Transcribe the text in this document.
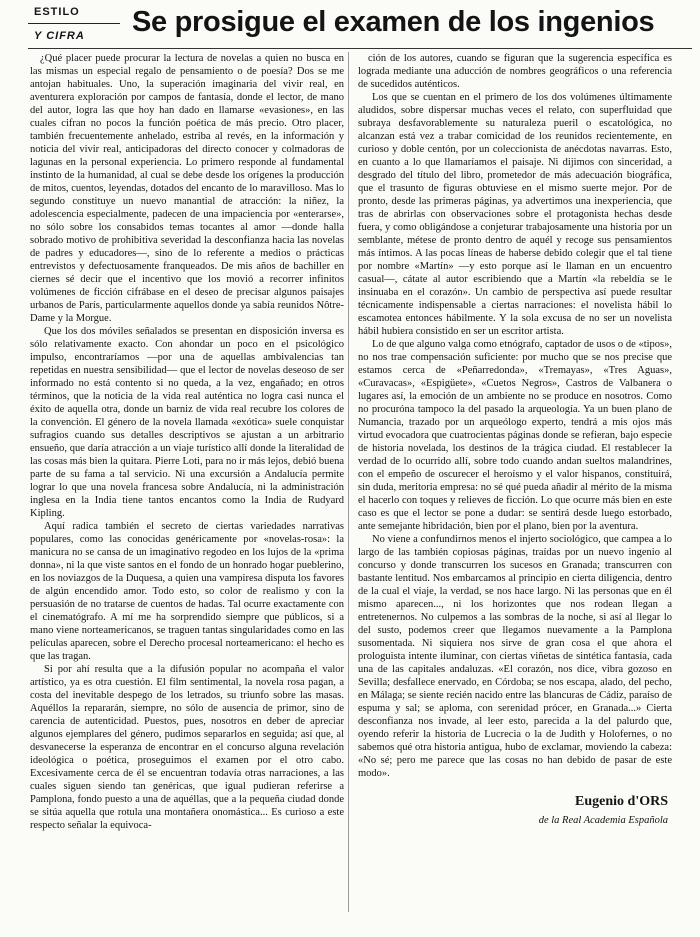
ESTILO
Y CIFRA Se prosigue el examen de los ingenios

¿Qué placer puede procurar la lectura de novelas a quien no busca en las mismas un especial regalo de pensamiento o de poesía? Dos se me antojan habituales. Uno, la superación imaginaria del vivir real, en aventurera exploración por campos de fantasía, donde el lector, de mano del autor, logra las que hoy han dado en llamarse «evasiones», en las cuales cifran no pocos la función poética de más precio. Otro placer, también frecuentemente anhelado, estriba al revés, en la información y noticia del vivir real, anticipadoras del directo conocer y colmadoras de lagunas en la personal experiencia. Lo primero responde al fundamental instinto de la humanidad, al cual se debe desde los orígenes la producción de mitos, cuentos, leyendas, dotados del encanto de lo maravilloso. Mas lo segundo constituye un nuevo manantial de atracción: la niñez, la adolescencia especialmente, padecen de una impaciencia por «enterarse», no sólo sobre los consabidos temas tocantes al amor —donde halla sobrado motivo de prohibitiva severidad la desconfianza hacia las novelas de padres y educadores—, sino de lo referente a medios o prácticas entrevistos y defectuosamente franqueados. De mis años de bachiller en ciernes sé decir que el incentivo que los movió a recorrer infinitos volúmenes de ficción cifrábase en el deseo de precisar algunos paisajes urbanos de París, particularmente aquellos donde ya sabía reunidos Nôtre-Dame y la Morgue.

Que los dos móviles señalados se presentan en disposición inversa es sólo relativamente exacto. Con ahondar un poco en el psicológico impulso, encontraríamos —por una de aquellas ambivalencias tan repetidas en nuestra sensibilidad— que el lector de novelas deseoso de ser informado no está contento si no queda, a la vez, engañado; en otros términos, que la noticia de la vida real auténtica no logra casi nunca el éxito de aquella otra, donde un barniz de vida real recubre los colores de la convención. El género de la novela llamada «exótica» suele conquistar sufragios cuando sus detalles descriptivos se ajustan a un arbitrario ensueño, que daría atracción a un viaje turístico allí donde la literalidad de las cosas más bien la quitara. Pierre Loti, para no ir más lejos, debió buena parte de su fama a tal servicio. Ni una excursión a Andalucía permite lograr lo que una novela francesa sobre Andalucía, ni la administración inglesa en la India tiene tantos encantos como la India de Rudyard Kipling.

Aquí radica también el secreto de ciertas variedades narrativas populares, como las conocidas genéricamente por «novelas-rosa»: la manicura no se cansa de un imaginativo regodeo en los lujos de la «prima donna», ni la que viste santos en el fondo de un honrado hogar pueblerino, en los noviazgos de la Duquesa, a quien una vampiresa disputa los favores de algún encendido amor. Todo esto, so color de realismo y con la persuasión de no tratarse de cuentos de hadas. Tal ocurre exactamente con el cinematógrafo. A mí me ha sorprendido siempre que públicos, si a mano viene norteamericanos, se traguen tantas singularidades como en las películas aparecen, sobre el Derecho procesal norteamericano: el hecho es que las tragan.

Si por ahí resulta que a la difusión popular no acompaña el valor artístico, ya es otra cuestión. El film sentimental, la novela rosa pagan, a costa del inevitable despego de los letrados, su triunfo sobre las masas. Aquéllos la repararán, siempre, no sólo de ausencia de primor, sino de carencia de autenticidad. Puestos, pues, nosotros en deber de apreciar algunos ejemplares del género, pudimos separarlos en seguida; así que, al desvanecerse la esperanza de encontrar en el concurso alguna revelación ideológica o poética, proseguimos el examen por el otro cabo. Excesivamente cerca de él se encuentran todavía otras narraciones, a las cuales siguen siendo tan genéricas, que igual pudieran referirse a Pamplona, fondo puesto a una de aquéllas, que a la pequeña ciudad donde se sitúa aquella que rotula una montañera onomástica... Es curioso a este respecto señalar la equivoca-

ción de los autores, cuando se figuran que la sugerencia específica es lograda mediante una aducción de nombres geográficos o una referencia de sucedidos auténticos.

Los que se cuentan en el primero de los dos volúmenes últimamente aludidos, sobre dispersar muchas veces el relato, con superfluidad que subraya desfavorablemente su naturaleza pueril o escatológica, no alcanzan está vez a trabar comicidad de los reunidos recientemente, en curioso y doble centón, por un coleccionista de anécdotas navarras. Esto, en cuanto a lo que llamaríamos el paisaje. Ni dijimos con sinceridad, a desgrado del título del libro, prometedor de más adecuación biográfica, que el trasunto de figuras obtuviese en el mismo suerte mejor. Por de pronto, desde las primeras páginas, ya advertimos una inexperiencia, que tras de abrirlas con observaciones sobre el protagonista hechas desde fuera, y como obligándose a conjeturar trabajosamente una historia por un semblante, métese de pronto dentro de aquél y recoge sus pensamientos más íntimos. A las pocas líneas de haberse debido colegir que el tal tiene por nombre «Martín» —y esto porque así le llaman en un encuentro casual—, cátate al autor escribiendo que a Martín «la rebeldía se le insinuaba en el corazón». Un cambio de perspectiva así puede resultar técnicamente indispensable a ciertas narraciones: el novelista hábil lo escamotea entonces hábilmente. Y la sola excusa de no ser un novelista hábil hubiera consistido en ser un escritor artista.

Lo de que alguno valga como etnógrafo, captador de usos o de «tipos», no nos trae compensación suficiente: por mucho que se nos precise que estamos cerca de «Peñarredonda», «Tremayas», «Tres Aguas», «Curavacas», «Espigüete», «Cuetos Negros», Castros de Valbanera o lugares así, la emoción de un ambiente no se produce en nosotros. Como no procuróna tampoco la del pasado la arqueología. Ya un buen plano de Numancia, trazado por un arqueólogo experto, tendrá a mis ojos más virtud evocadora que cuatrocientas páginas donde se refieran, bajo especie de historia novelada, los destinos de la trágica ciudad. El restablecer la verdad de lo ocurrido allí, sobre todo cuando andan sueltos malandrines, con el empeño de oscurecer el heroísmo y el valor hispanos, constituirá, sin duda, meritoria empresa: no sé qué pueda añadir al mérito de la misma el hacerlo con toques y relieves de ficción. Lo que ocurre más bien en este caso es que el lector se pone a dudar: se sentirá desde luego estorbado, ante semejante hibridación, bien por el plano, bien por la aventura.

No viene a confundirnos menos el injerto sociológico, que campea a lo largo de las también copiosas páginas, traídas por un nuevo ingenio al concurso y donde transcurren los sucesos en Granada; transcurren con bastante lentitud. Nos embarcamos al principio en cierta diligencia, dentro de la cual el viaje, la verdad, se nos hace largo. Ni las personas que en él mismo aparecen..., ni los horizontes que nos rodean llegan a entretenernos. No culpemos a las sombras de la noche, si así al llegar lo del susto, podemos creer que llegamos nuevamente a la Pamplona susomentada. Ni siquiera nos sirve de gran cosa el que ahora el prologuista intente iluminar, con ciertas viñetas de sintética fantasía, cada una de las capitales andaluzas. «El corazón, nos dice, vibra gozoso en Sevilla; desfallece enervado, en Córdoba; se nos escapa, alado, del pecho, en Málaga; se siente recién nacido entre las blancuras de Cádiz, paraíso de espuma y sal; se aploma, con serenidad prócer, en Granada...» Cierta desconfianza nos invade, al leer esto, parecida a la del palurdo que, oyendo referir la historia de Lucrecia o la de Judith y Holofernes, o no sabemos qué otra historia antigua, hubo de exclamar, moviendo la cabeza: «No sé; pero me parece que las cosas no han debido de pasar de este modo».

Eugenio d'ORS
de la Real Academia Española
